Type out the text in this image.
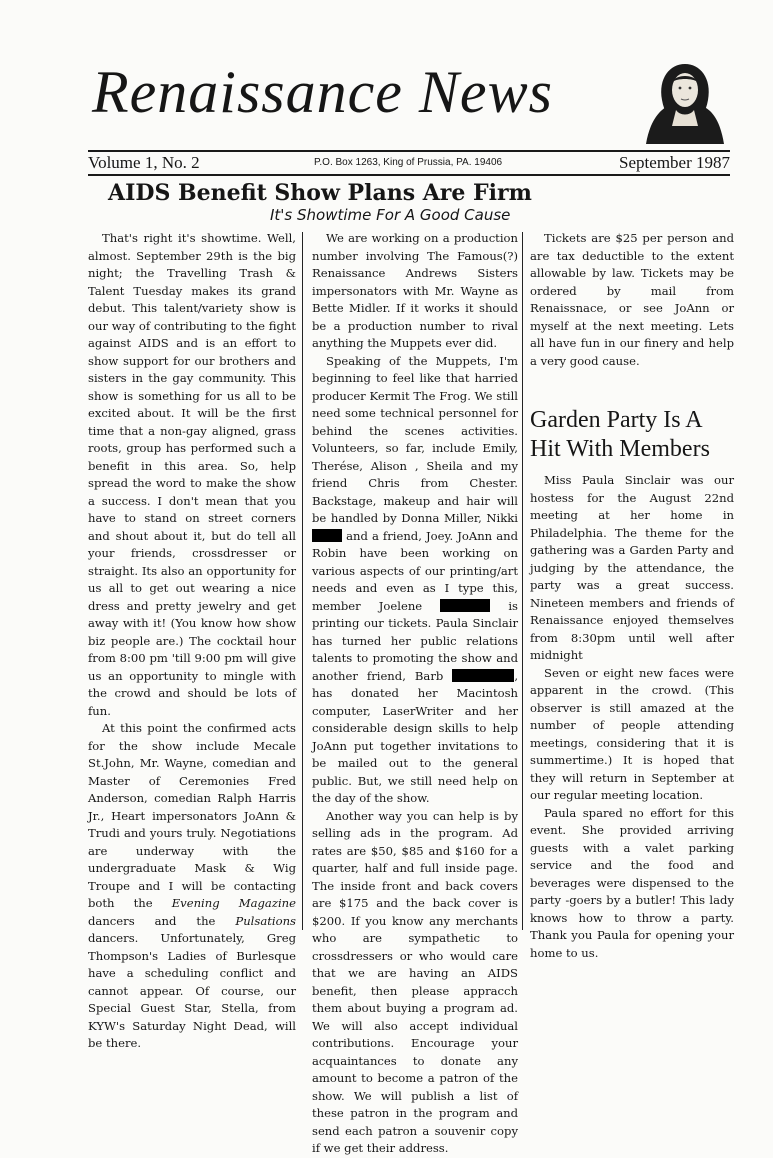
Renaissance News
Volume 1, No. 2	P.O. Box 1263, King of Prussia, PA. 19406	September 1987
AIDS Benefit Show Plans Are Firm
It's Showtime For A Good Cause

That's right it's showtime. Well, almost. September 29th is the big night; the Travelling Trash & Talent Tuesday makes its grand debut. This talent/variety show is our way of contributing to the fight against AIDS and is an effort to show support for our brothers and sisters in the gay community. This show is something for us all to be excited about. It will be the first time that a non-gay aligned, grass roots, group has performed such a benefit in this area. So, help spread the word to make the show a success. I don't mean that you have to stand on street corners and shout about it, but do tell all your friends, crossdresser or straight. Its also an opportunity for us all to get out wearing a nice dress and pretty jewelry and get away with it! (You know how show biz people are.) The cocktail hour from 8:00 pm 'till 9:00 pm will give us an opportunity to mingle with the crowd and should be lots of fun.

At this point the confirmed acts for the show include Mecale St.John, Mr. Wayne, comedian and Master of Ceremonies Fred Anderson, comedian Ralph Harris Jr., Heart impersonators JoAnn & Trudi and yours truly. Negotiations are underway with the undergraduate Mask & Wig Troupe and I will be contacting both the Evening Magazine dancers and the Pulsations dancers. Unfortunately, Greg Thompson's Ladies of Burlesque have a scheduling conflict and cannot appear. Of course, our Special Guest Star, Stella, from KYW's Saturday Night Dead, will be there.

We are working on a production number involving The Famous(?) Renaissance Andrews Sisters impersonators with Mr. Wayne as Bette Midler. If it works it should be a production number to rival anything the Muppets ever did.

Speaking of the Muppets, I'm beginning to feel like that harried producer Kermit The Frog. We still need some technical personnel for behind the scenes activities. Volunteers, so far, include Emily, Therése, Alison , Sheila and my friend Chris from Chester. Backstage, makeup and hair will be handled by Donna Miller, Nikki  and a friend, Joey. JoAnn and Robin have been working on various aspects of our printing/art needs and even as I type this, member Joelene	is printing our tickets. Paula Sinclair has turned her public relations talents to promoting the show and another friend, Barb	, has donated her Macintosh computer, LaserWriter and her considerable design skills to help JoAnn put together invitations to be mailed out to the general public. But, we still need help on the day of the show.

Another way you can help is by selling ads in the program. Ad rates are $50, $85 and $160 for a quarter, half and full inside page. The inside front and back covers are $175 and the back cover is $200. If you know any merchants who are sympathetic to crossdressers or who would care that we are having an AIDS benefit, then please appracch them about buying a program ad. We will also accept individual contributions. Encourage your acquaintances to donate any amount to become a patron of the show. We will publish a list of these patron in the program and send each patron a souvenir copy if we get their address.

Tickets are $25 per person and are tax deductible to the extent allowable by law. Tickets may be ordered by mail from Renaissnace, or see JoAnn or myself at the next meeting. Lets all have fun in our finery and help a very good cause.

Garden Party Is A Hit With Members

Miss Paula Sinclair was our hostess for the August 22nd meeting at her home in Philadelphia. The theme for the gathering was a Garden Party and judging by the attendance, the party was a great success. Nineteen members and friends of Renaissance enjoyed themselves from 8:30pm until well after midnight

Seven or eight new faces were apparent in the crowd. (This observer is still amazed at the number of people attending meetings, considering that it is summertime.) It is hoped that they will return in September at our regular meeting location.

Paula spared no effort for this event. She provided arriving guests with a valet parking service and the food and beverages were dispensed to the party -goers by a butler! This lady knows how to throw a party. Thank you Paula for opening your home to us.
